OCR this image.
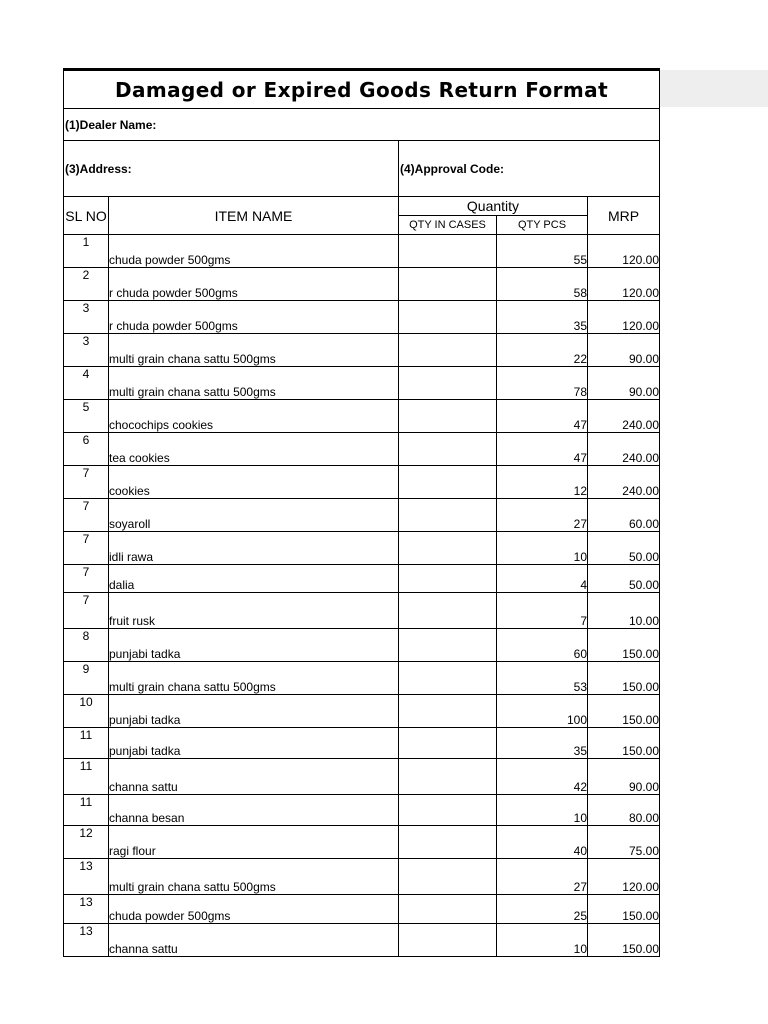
Damaged or Expired Goods Return Format				
(1)Dealer Name:				
(3)Address:		(4)Approval Code:		
SL NO	ITEM NAME	Quantity		MRP
		QTY IN CASES	QTY PCS	
1	chuda powder 500gms		55	120.00
2	r chuda powder 500gms		58	120.00
3	r chuda powder 500gms		35	120.00
3	multi grain chana sattu 500gms		22	90.00
4	multi grain chana sattu 500gms		78	90.00
5	chocochips cookies		47	240.00
6	tea cookies		47	240.00
7	cookies		12	240.00
7	soyaroll		27	60.00
7	idli rawa		10	50.00
7	dalia		4	50.00
7	fruit rusk		7	10.00
8	punjabi tadka		60	150.00
9	multi grain chana sattu 500gms		53	150.00
10	punjabi tadka		100	150.00
11	punjabi tadka		35	150.00
11	channa sattu		42	90.00
11	channa besan		10	80.00
12	ragi flour		40	75.00
13	multi grain chana sattu 500gms		27	120.00
13	chuda powder 500gms		25	150.00
13	channa sattu		10	150.00
